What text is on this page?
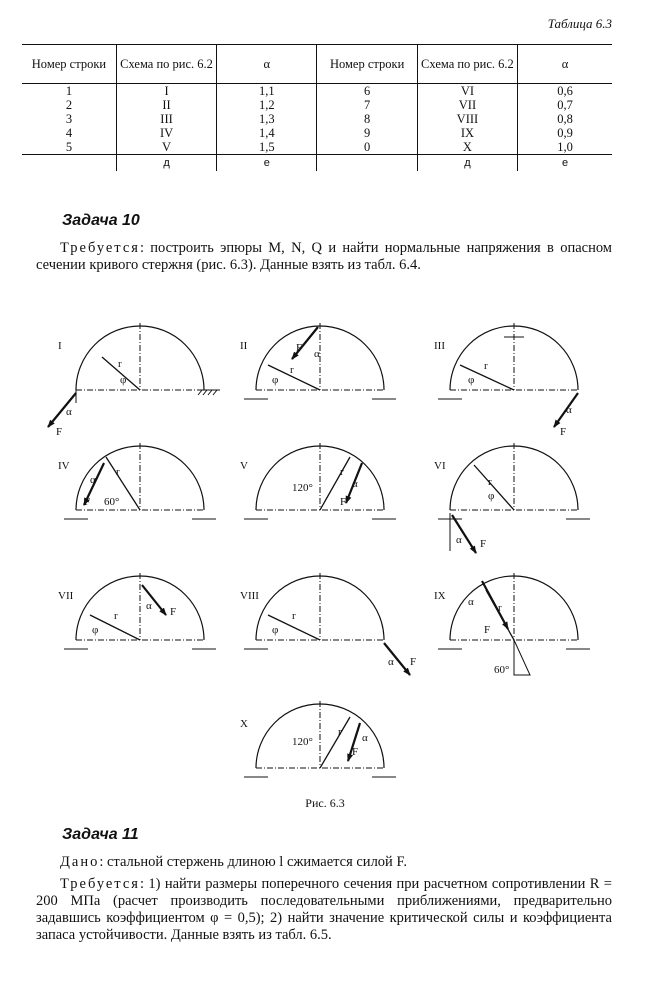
Таблица 6.3
Номер строки	Схема по рис. 6.2	α	Номер строки	Схема по рис. 6.2	α
1	I	1,1	6	VI	0,6
2	II	1,2	7	VII	0,7
3	III	1,3	8	VIII	0,8
4	IV	1,4	9	IX	0,9
5	V	1,5	0	X	1,0
	д	е		д	е
Задача 10
Требуется: построить эпюры M, N, Q и найти нормальные напряжения в опасном сечении кривого стержня (рис. 6.3). Данные взять из табл. 6.4.
I
r
φ
α
F
II	F α
r
φ
III
r
φ
α
F
IV	r
α
F 60°
V
120°
r
F
α
VI
r
φ
α F
VII
r
φ
α F
VIII
r
φ
α F
IX α r
F
60°
X
120°
r
F
α
Рис. 6.3
Задача 11
Дано: стальной стержень длиною l сжимается силой F.
Требуется: 1) найти размеры поперечного сечения при расчетном сопротивлении R = 200 МПа (расчет производить последовательными приближениями, предварительно задавшись коэффициентом φ = 0,5); 2) найти значение критической силы и коэффициента запаса устойчивости. Данные взять из табл. 6.5.
